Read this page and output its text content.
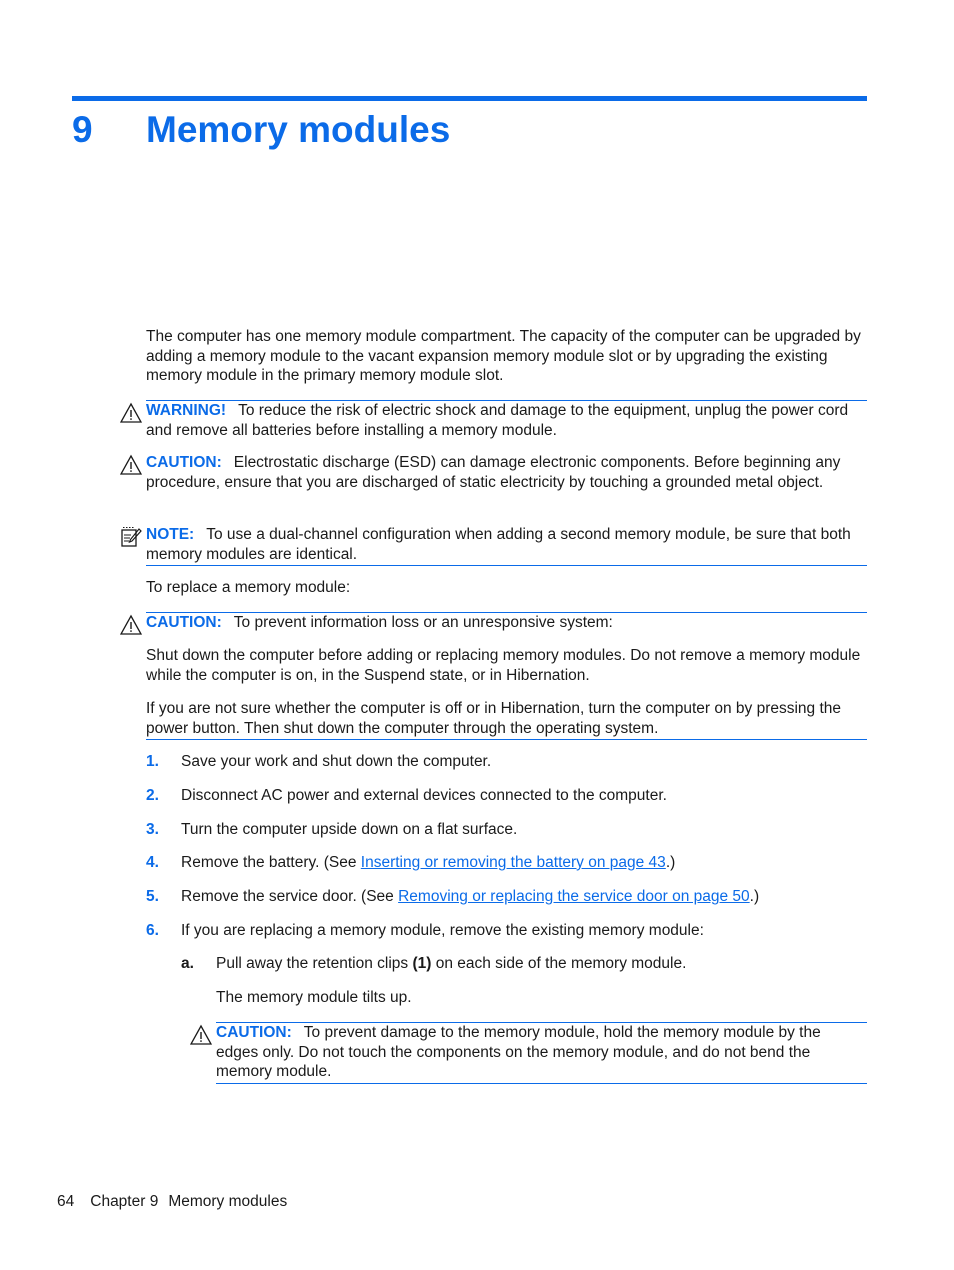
9 Memory modules

The computer has one memory module compartment. The capacity of the computer can be upgraded by adding a memory module to the vacant expansion memory module slot or by upgrading the existing memory module in the primary memory module slot.

WARNING! To reduce the risk of electric shock and damage to the equipment, unplug the power cord and remove all batteries before installing a memory module.
CAUTION: Electrostatic discharge (ESD) can damage electronic components. Before beginning any procedure, ensure that you are discharged of static electricity by touching a grounded metal object.
NOTE: To use a dual-channel configuration when adding a second memory module, be sure that both memory modules are identical.

To replace a memory module:

CAUTION: To prevent information loss or an unresponsive system:

Shut down the computer before adding or replacing memory modules. Do not remove a memory module while the computer is on, in the Suspend state, or in Hibernation.

If you are not sure whether the computer is off or in Hibernation, turn the computer on by pressing the power button. Then shut down the computer through the operating system.
1. Save your work and shut down the computer.
2. Disconnect AC power and external devices connected to the computer.
3. Turn the computer upside down on a flat surface.
4. Remove the battery. (See Inserting or removing the battery on page 43.)
5. Remove the service door. (See Removing or replacing the service door on page 50.)
6. If you are replacing a memory module, remove the existing memory module:
a. Pull away the retention clips (1) on each side of the memory module.

The memory module tilts up.

CAUTION: To prevent damage to the memory module, hold the memory module by the edges only. Do not touch the components on the memory module, and do not bend the memory module.
64 Chapter 9 Memory modules
